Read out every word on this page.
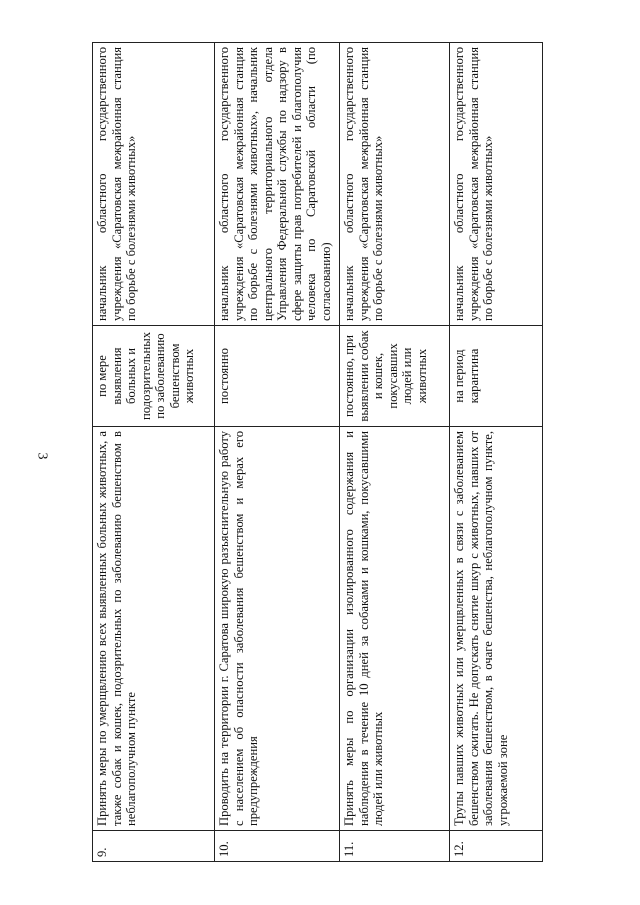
3
9.	Принять меры по умерщвлению всех выявленных больных животных, а также собак и кошек, подозрительных по заболеванию бешенством в неблагополучном пункте	по мере выявления больных и подозрительных по заболеванию бешенством животных	начальник областного государственного учреждения «Саратовская межрайонная станция по борьбе с болезнями животных»
10.	Проводить на территории г. Саратова широкую разъяснительную работу с населением об опасности заболевания бешенством и мерах его предупреждения	постоянно	начальник областного государственного учреждения «Саратовская межрайонная станция по борьбе с болезнями животных», начальник центрального территориального отдела Управления Федеральной службы по надзору в сфере защиты прав потребителей и благополучия человека по Саратовской области (по согласованию)
11.	Принять меры по организации изолированного содержания и наблюдения в течение 10 дней за собаками и кошками, покусавшими людей или животных	постоянно, при выявлении собак и кошек, покусавших людей или животных	начальник областного государственного учреждения «Саратовская межрайонная станция по борьбе с болезнями животных»
12.	Трупы павших животных или умерщвленных в связи с заболеванием бешенством сжигать. Не допускать снятие шкур с животных, павших от заболевания бешенством, в очаге бешенства, неблагополучном пункте, угрожаемой зоне	на период карантина	начальник областного государственного учреждения «Саратовская межрайонная станция по борьбе с болезнями животных»
